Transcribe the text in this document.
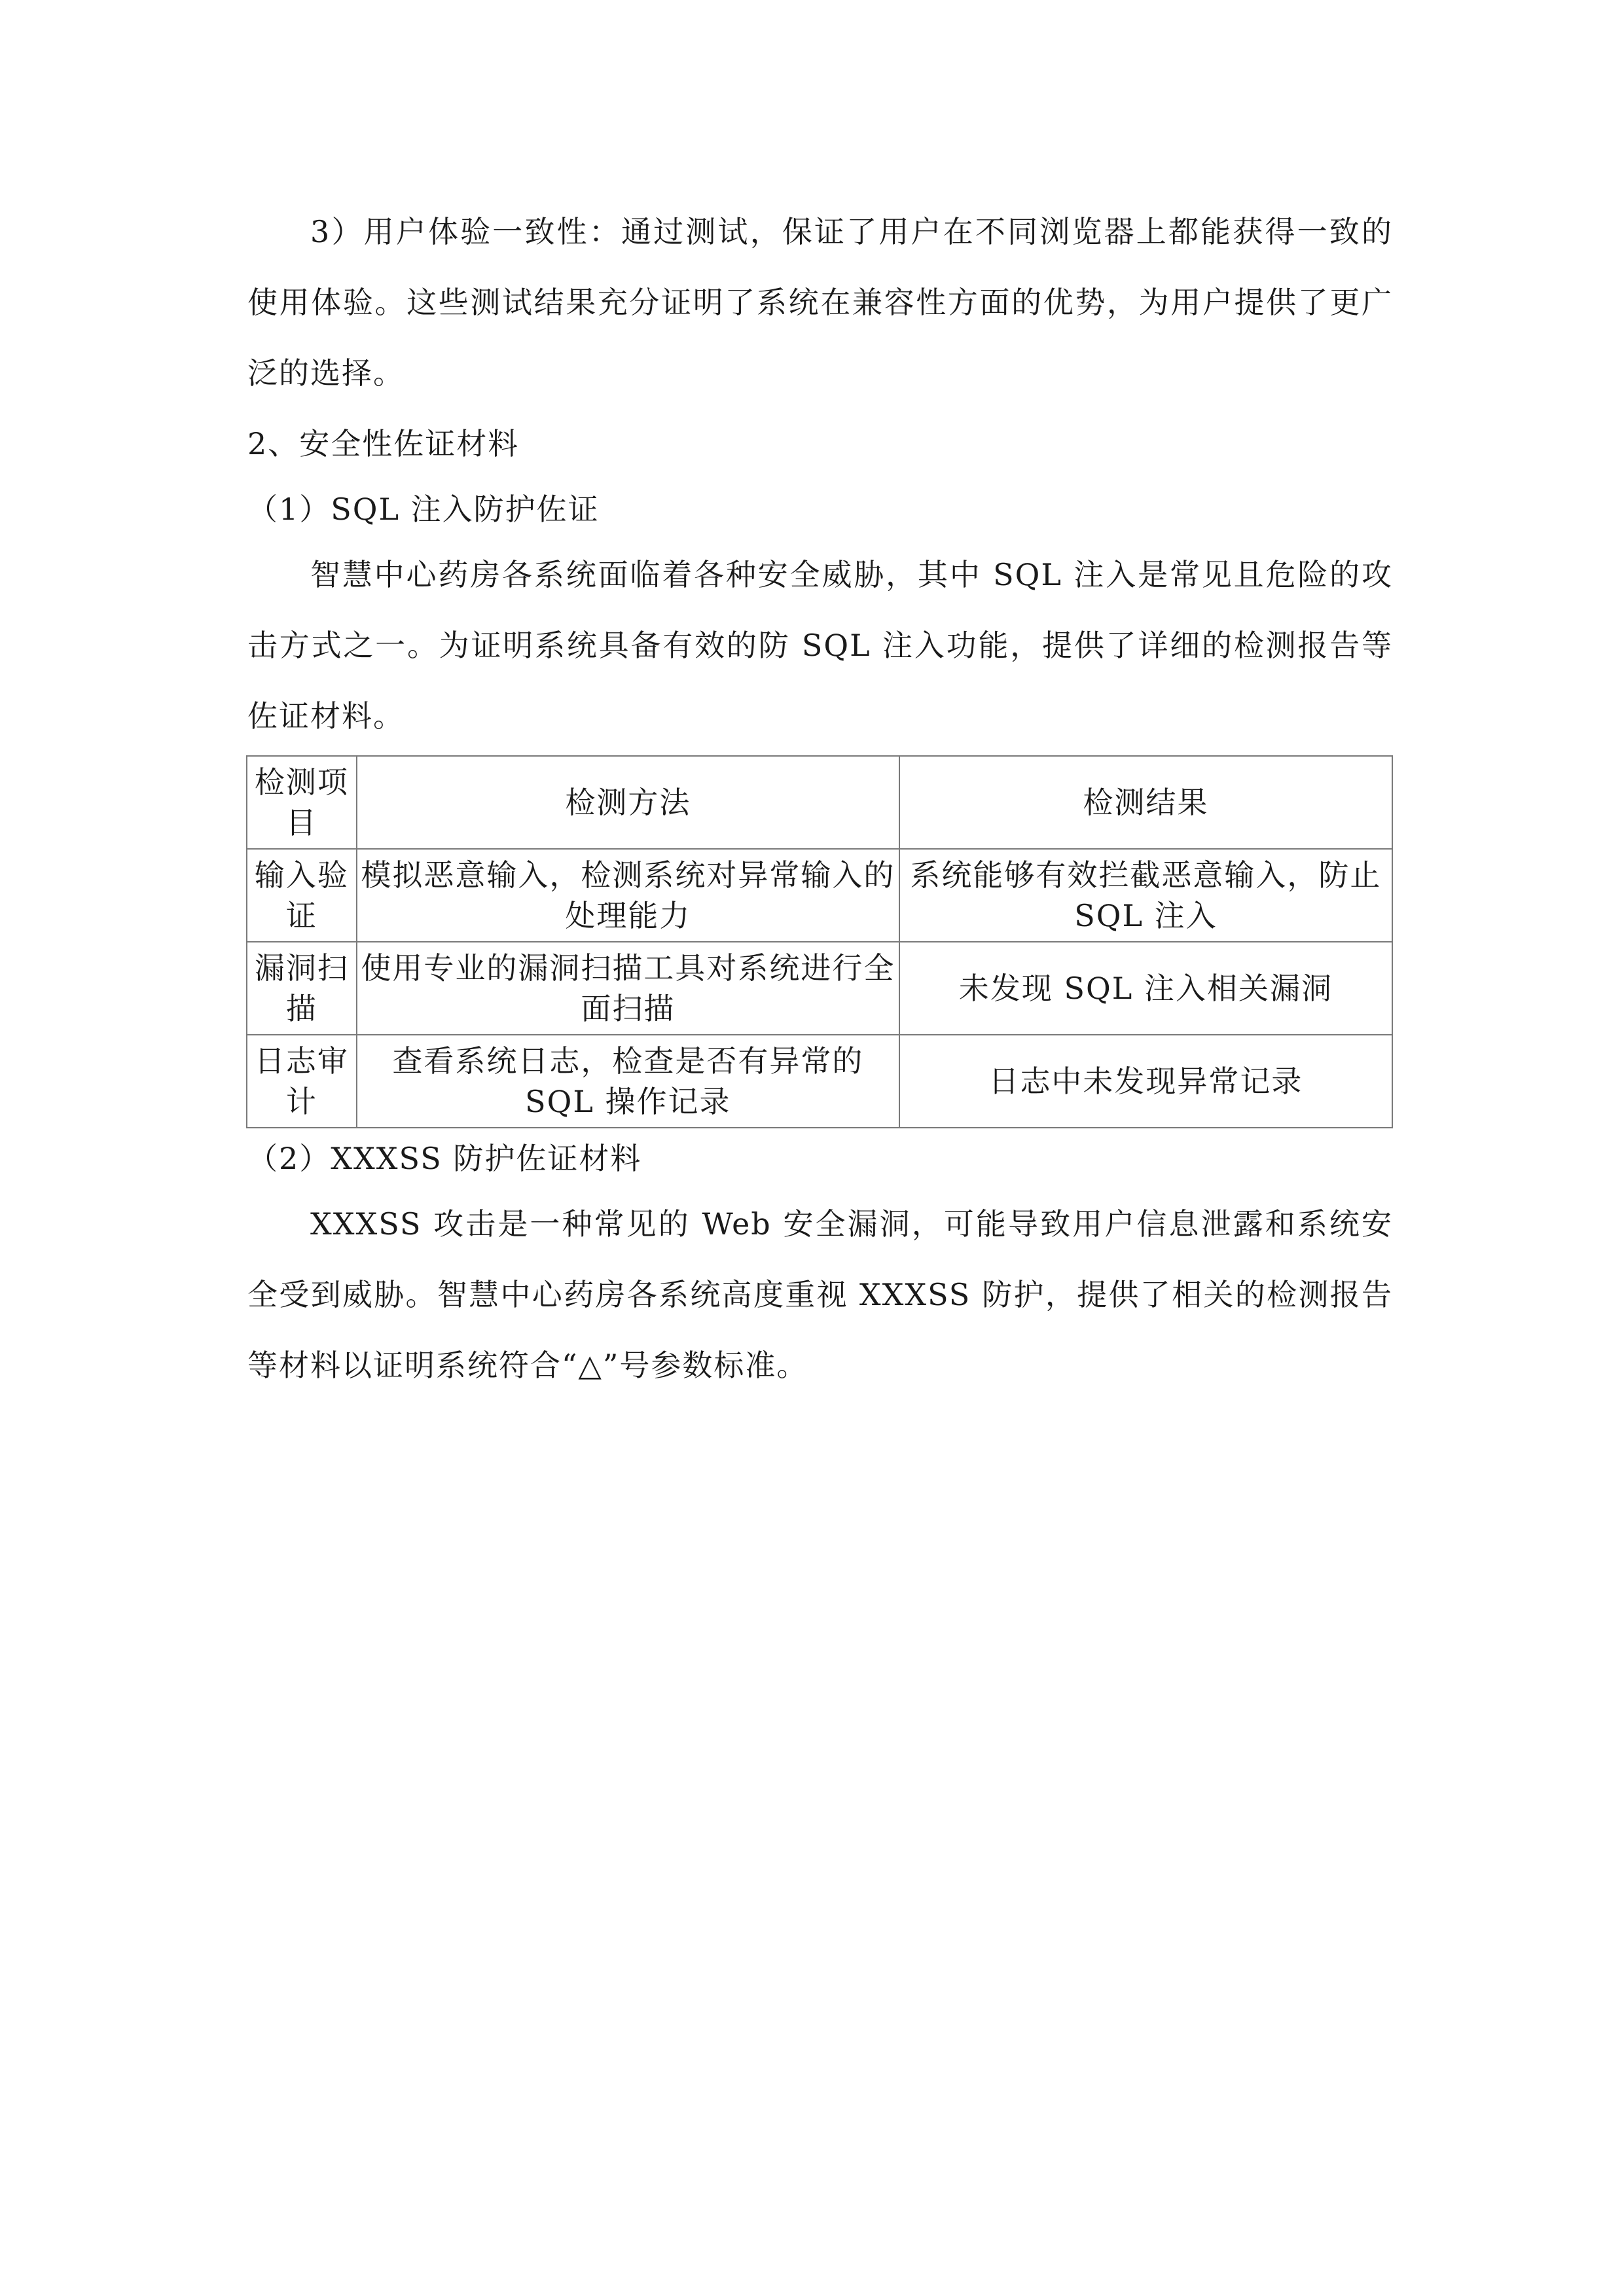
3）用户体验一致性：通过测试，保证了用户在不同浏览器上都能获得一致的使用体验。这些测试结果充分证明了系统在兼容性方面的优势，为用户提供了更广泛的选择。

2、安全性佐证材料
（1）SQL 注入防护佐证

智慧中心药房各系统面临着各种安全威胁，其中 SQL 注入是常见且危险的攻击方式之一。为证明系统具备有效的防 SQL 注入功能，提供了详细的检测报告等佐证材料。

检测项目	检测方法	检测结果
输入验证	模拟恶意输入，检测系统对异常输入的处理能力	系统能够有效拦截恶意输入，防止 SQL 注入
漏洞扫描	使用专业的漏洞扫描工具对系统进行全面扫描	未发现 SQL 注入相关漏洞
日志审计	查看系统日志，检查是否有异常的 SQL 操作记录	日志中未发现异常记录
（2）XXXSS 防护佐证材料

XXXSS 攻击是一种常见的 Web 安全漏洞，可能导致用户信息泄露和系统安全受到威胁。智慧中心药房各系统高度重视 XXXSS 防护，提供了相关的检测报告等材料以证明系统符合“△”号参数标准。
